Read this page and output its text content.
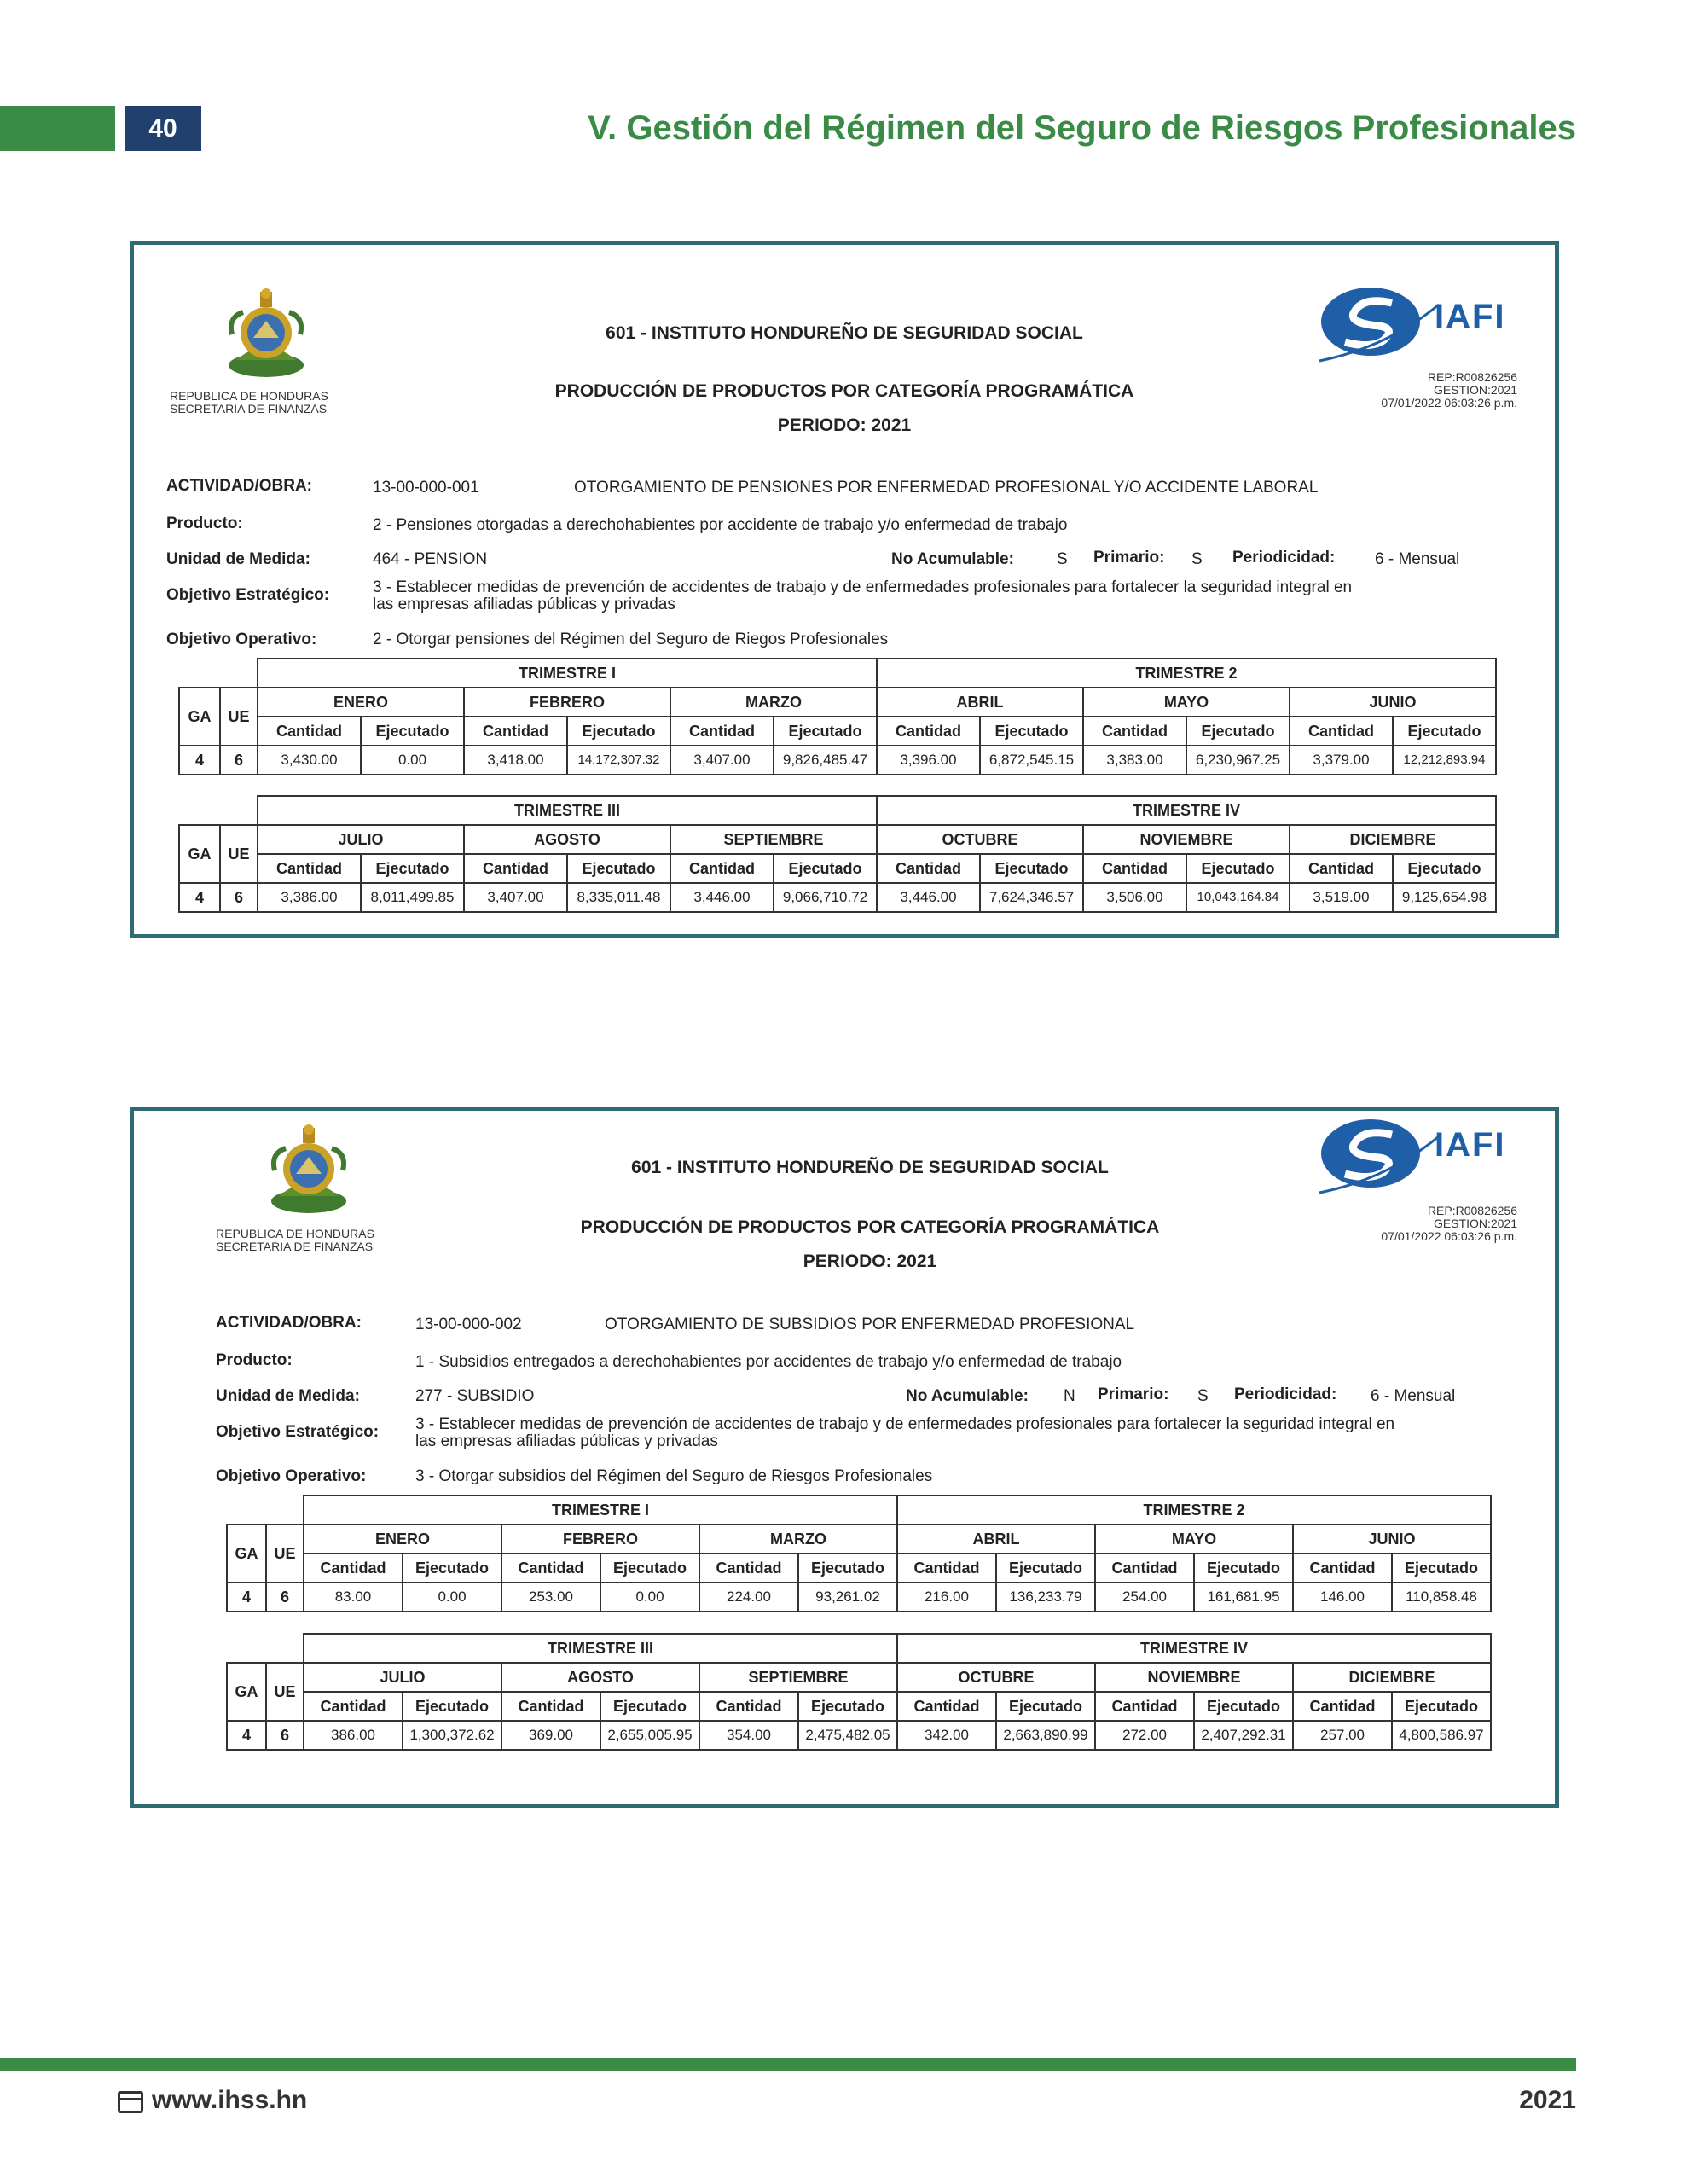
40	V. Gestión del Régimen del Seguro de Riesgos Profesionales
REPUBLICA DE HONDURAS
SECRETARIA DE FINANZAS
IAFI
REP:R00826256
GESTION:2021
07/01/2022 06:03:26 p.m.
601 - INSTITUTO HONDUREÑO DE SEGURIDAD SOCIAL
PRODUCCIÓN DE PRODUCTOS POR CATEGORÍA PROGRAMÁTICA
PERIODO: 2021
ACTIVIDAD/OBRA:	13-00-000-001	OTORGAMIENTO DE PENSIONES POR ENFERMEDAD PROFESIONAL Y/O ACCIDENTE LABORAL
Producto:	2 - Pensiones otorgadas a derechohabientes por accidente de trabajo y/o enfermedad de trabajo
Unidad de Medida:	464 - PENSION	No Acumulable:	S Primario: S Periodicidad: 6 - Mensual
Objetivo Estratégico:	3 - Establecer medidas de prevención de accidentes de trabajo y de enfermedades profesionales para fortalecer la seguridad integral en las empresas afiliadas públicas y privadas
Objetivo Operativo:	2 - Otorgar pensiones del Régimen del Seguro de Riegos Profesionales
		TRIMESTRE I						TRIMESTRE 2					
GA	UE	ENERO		FEBRERO		MARZO		ABRIL		MAYO		JUNIO	
		Cantidad	Ejecutado	Cantidad	Ejecutado	Cantidad	Ejecutado	Cantidad	Ejecutado	Cantidad	Ejecutado	Cantidad	Ejecutado
4	6	3,430.00	0.00	3,418.00	14,172,307.32	3,407.00	9,826,485.47	3,396.00	6,872,545.15	3,383.00	6,230,967.25	3,379.00	12,212,893.94
		TRIMESTRE III						TRIMESTRE IV					
GA	UE	JULIO		AGOSTO		SEPTIEMBRE		OCTUBRE		NOVIEMBRE		DICIEMBRE	
		Cantidad	Ejecutado	Cantidad	Ejecutado	Cantidad	Ejecutado	Cantidad	Ejecutado	Cantidad	Ejecutado	Cantidad	Ejecutado
4	6	3,386.00	8,011,499.85	3,407.00	8,335,011.48	3,446.00	9,066,710.72	3,446.00	7,624,346.57	3,506.00	10,043,164.84	3,519.00	9,125,654.98
REPUBLICA DE HONDURAS
SECRETARIA DE FINANZAS
IAFI
REP:R00826256
GESTION:2021
07/01/2022 06:03:26 p.m.
601 - INSTITUTO HONDUREÑO DE SEGURIDAD SOCIAL
PRODUCCIÓN DE PRODUCTOS POR CATEGORÍA PROGRAMÁTICA
PERIODO: 2021
ACTIVIDAD/OBRA:	13-00-000-002	OTORGAMIENTO DE SUBSIDIOS POR ENFERMEDAD PROFESIONAL
Producto:	1 - Subsidios entregados a derechohabientes por accidentes de trabajo y/o enfermedad de trabajo
Unidad de Medida:	277 - SUBSIDIO	No Acumulable: N Primario: S Periodicidad: 6 - Mensual
Objetivo Estratégico: 3 - Establecer medidas de prevención de accidentes de trabajo y de enfermedades profesionales para fortalecer la seguridad integral en las empresas afiliadas públicas y privadas
Objetivo Operativo:	3 - Otorgar subsidios del Régimen del Seguro de Riesgos Profesionales
		TRIMESTRE I						TRIMESTRE 2					
GA	UE	ENERO		FEBRERO		MARZO		ABRIL		MAYO		JUNIO	
		Cantidad	Ejecutado	Cantidad	Ejecutado	Cantidad	Ejecutado	Cantidad	Ejecutado	Cantidad	Ejecutado	Cantidad	Ejecutado
4	6	83.00	0.00	253.00	0.00	224.00	93,261.02	216.00	136,233.79	254.00	161,681.95	146.00	110,858.48
		TRIMESTRE III						TRIMESTRE IV					
GA	UE	JULIO		AGOSTO		SEPTIEMBRE		OCTUBRE		NOVIEMBRE		DICIEMBRE	
		Cantidad	Ejecutado	Cantidad	Ejecutado	Cantidad	Ejecutado	Cantidad	Ejecutado	Cantidad	Ejecutado	Cantidad	Ejecutado
4	6	386.00	1,300,372.62	369.00	2,655,005.95	354.00	2,475,482.05	342.00	2,663,890.99	272.00	2,407,292.31	257.00	4,800,586.97
www.ihss.hn	2021
